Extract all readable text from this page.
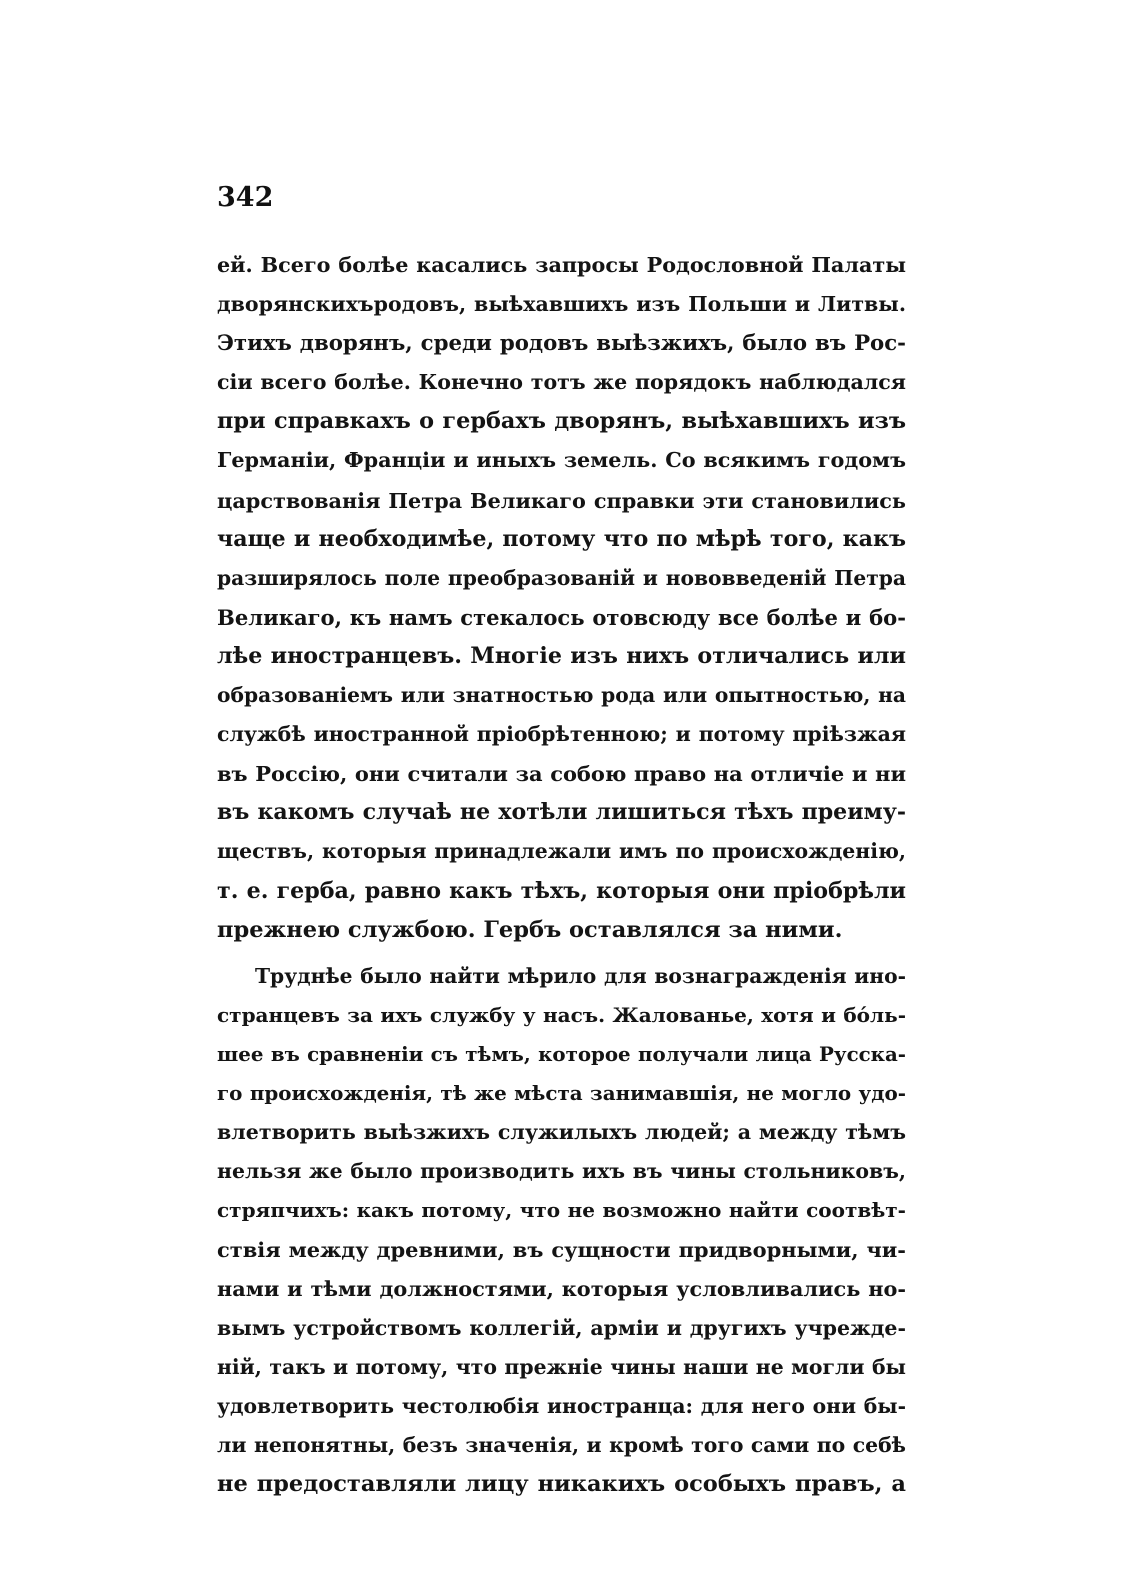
342
ей. Всего болѣе касались запросы Родословной Палаты
дворянскихъродовъ, выѣхавшихъ изъ Польши и Литвы.
Этихъ дворянъ, среди родовъ выѣзжихъ, было въ Рос-
сіи всего болѣе. Конечно тотъ же порядокъ наблюдался
при справкахъ о гербахъ дворянъ, выѣхавшихъ изъ
Германіи, Франціи и иныхъ земель. Со всякимъ годомъ
царствованія Петра Великаго справки эти становились
чаще и необходимѣе, потому что по мѣрѣ того, какъ
разширялось поле преобразованій и нововведеній Петра
Великаго, къ намъ стекалось отовсюду все болѣе и бо-
лѣе иностранцевъ. Многіе изъ нихъ отличались или
образованіемъ или знатностью рода или опытностью, на
службѣ иностранной пріобрѣтенною; и потому пріѣзжая
въ Россію, они считали за собою право на отличіе и ни
въ какомъ случаѣ не хотѣли лишиться тѣхъ преиму-
ществъ, которыя принадлежали имъ по происхожденію,
т. е. герба, равно какъ тѣхъ, которыя они пріобрѣли
прежнею службою. Гербъ оставлялся за ними.
Труднѣе было найти мѣрило для вознагражденія ино-
странцевъ за ихъ службу у насъ. Жалованье, хотя и бόль-
шее въ сравненіи съ тѣмъ, которое получали лица Русска-
го происхожденія, тѣ же мѣста занимавшія, не могло удо-
влетворить выѣзжихъ служилыхъ людей; а между тѣмъ
нельзя же было производить ихъ въ чины стольниковъ,
стряпчихъ: какъ потому, что не возможно найти соотвѣт-
ствія между древними, въ сущности придворными, чи-
нами и тѣми должностями, которыя условливались но-
вымъ устройствомъ коллегій, арміи и другихъ учрежде-
ній, такъ и потому, что прежніе чины наши не могли бы
удовлетворить честолюбія иностранца: для него они бы-
ли непонятны, безъ значенія, и кромѣ того сами по себѣ
не предоставляли лицу никакихъ особыхъ правъ, а
